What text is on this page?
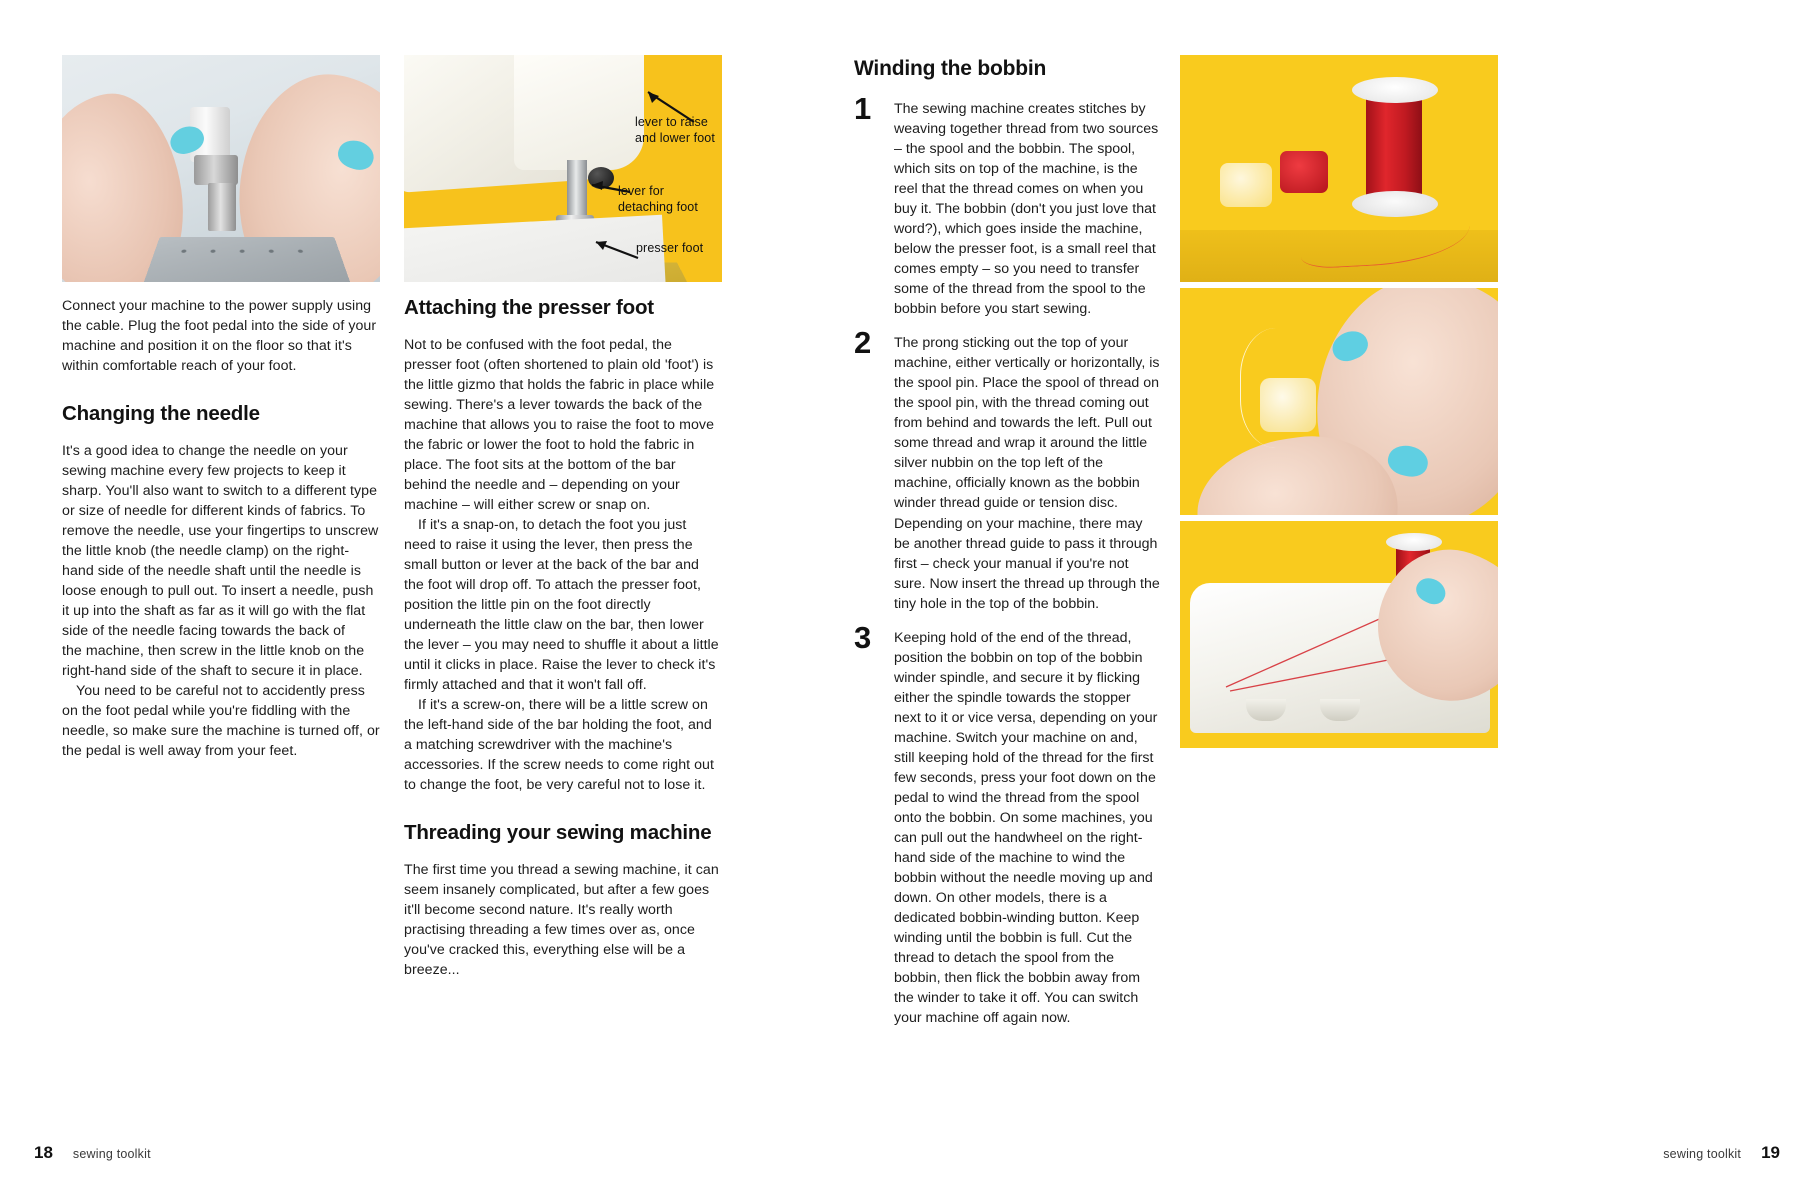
lever to raise and lower foot
lever for detaching foot
presser foot

Connect your machine to the power supply using the cable. Plug the foot pedal into the side of your machine and position it on the floor so that it's within comfortable reach of your foot.

Changing the needle

It's a good idea to change the needle on your sewing machine every few projects to keep it sharp. You'll also want to switch to a different type or size of needle for different kinds of fabrics. To remove the needle, use your fingertips to unscrew the little knob (the needle clamp) on the right-hand side of the needle shaft until the needle is loose enough to pull out. To insert a needle, push it up into the shaft as far as it will go with the flat side of the needle facing towards the back of

the machine, then screw in the little knob on the right-hand side of the shaft to secure it in place.

You need to be careful not to accidently press on the foot pedal while you're fiddling with the needle, so make sure the machine is turned off, or the pedal is well away from your feet.

Attaching the presser foot

Not to be confused with the foot pedal, the presser foot (often shortened to plain old 'foot') is the little gizmo that holds the fabric in place while sewing. There's a lever towards the back of the machine that allows you to raise the foot to move the fabric or lower the foot to hold the fabric in place. The foot sits at the bottom of the bar behind the needle and – depending on your machine – will either screw or snap on.

If it's a snap-on, to detach the foot you just need to raise it using the lever, then press the small button or lever at the back of the bar and the foot will drop off. To attach the presser foot, position the little pin on the foot directly underneath the little claw on the bar, then lower the lever – you may need to shuffle it about a little until it clicks in place. Raise the lever to check it's firmly attached and that it won't fall off.

If it's a screw-on, there will be a little screw on the left-hand side of the bar holding the foot, and a matching screwdriver with the machine's accessories. If the screw needs to come right out to change the foot, be very careful not to lose it.

Threading your sewing machine

The first time you thread a sewing machine, it can seem insanely complicated, but after a few goes it'll become second nature. It's really worth practising threading a few times over as, once you've cracked this, everything else will be a breeze...

Winding the bobbin
1 The sewing machine creates stitches by weaving together thread from two sources – the spool and the bobbin. The spool, which sits on top of the machine, is the reel that the thread comes on when you buy it. The bobbin (don't you just love that word?), which goes inside the machine, below the presser foot, is a small reel that comes empty – so you need to transfer some of the thread from the spool to the bobbin before you start sewing.

2 The prong sticking out the top of your machine, either vertically or horizontally, is the spool pin. Place the spool of thread on the spool pin, with the thread coming out from behind and towards the left. Pull out some thread and wrap it around the little silver nubbin on the top left of the machine, officially known as the bobbin winder thread guide or tension disc. Depending on your machine, there may be another thread guide to pass it through first – check your manual if you're not sure. Now insert the thread up through the tiny hole in the top of the bobbin.

3 Keeping hold of the end of the thread, position the bobbin on top of the bobbin winder spindle, and secure it by flicking either the spindle towards the stopper next to it or vice versa, depending on your machine. Switch your machine on and, still keeping hold of the thread for the first few seconds, press your foot down on the pedal to wind the thread from the spool onto the bobbin. On some machines, you can pull out the handwheel on the right-hand side of the machine to wind the bobbin without the needle moving up and down. On other models, there is a dedicated bobbin-winding button. Keep winding until the bobbin is full. Cut the thread to detach the spool from the bobbin, then flick the bobbin away from the winder to take it off. You can switch your machine off again now.

18 sewing toolkit	sewing toolkit 19
